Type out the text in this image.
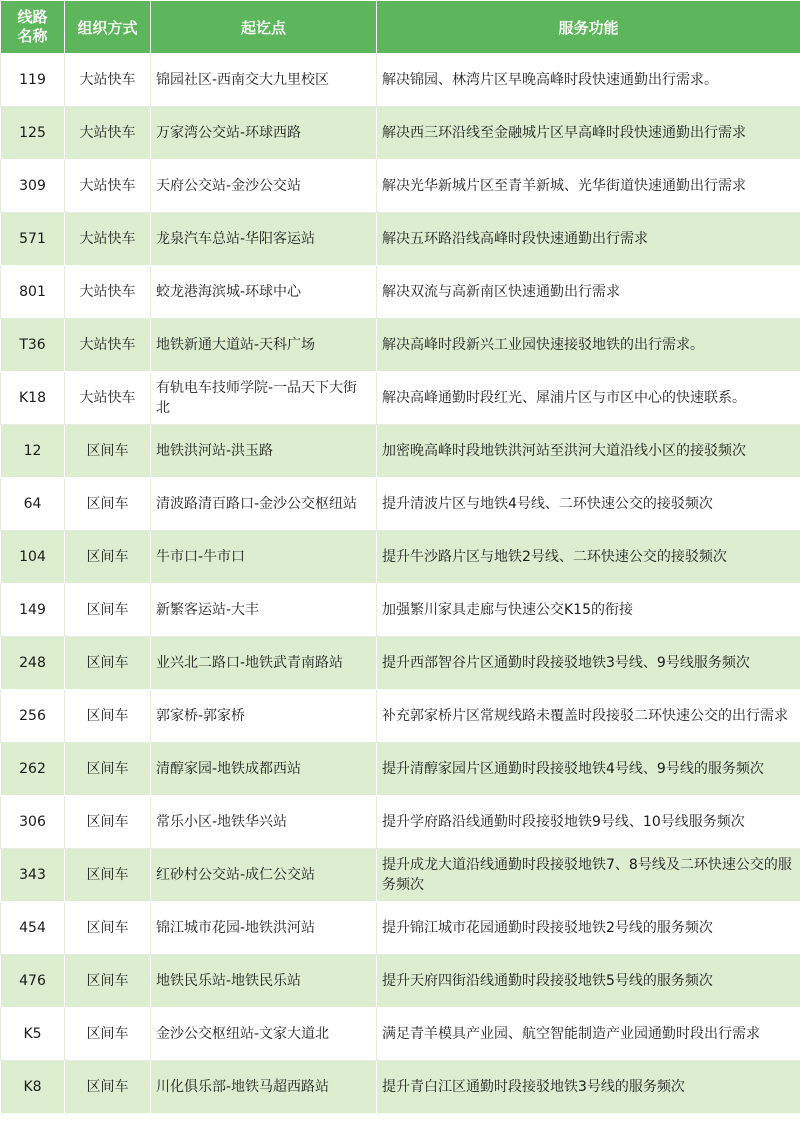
线路
名称	组织方式	起讫点	服务功能
119	大站快车	锦园社区-西南交大九里校区	解决锦园、林湾片区早晚高峰时段快速通勤出行需求。
125	大站快车	万家湾公交站-环球西路	解决西三环沿线至金融城片区早高峰时段快速通勤出行需求
309	大站快车	天府公交站-金沙公交站	解决光华新城片区至青羊新城、光华街道快速通勤出行需求
571	大站快车	龙泉汽车总站-华阳客运站	解决五环路沿线高峰时段快速通勤出行需求
801	大站快车	蛟龙港海滨城-环球中心	解决双流与高新南区快速通勤出行需求
T36	大站快车	地铁新通大道站-天科广场	解决高峰时段新兴工业园快速接驳地铁的出行需求。
K18	大站快车	有轨电车技师学院-一品天下大街北	解决高峰通勤时段红光、犀浦片区与市区中心的快速联系。
12	区间车	地铁洪河站-洪玉路	加密晚高峰时段地铁洪河站至洪河大道沿线小区的接驳频次
64	区间车	清波路清百路口-金沙公交枢纽站	提升清波片区与地铁4号线、二环快速公交的接驳频次
104	区间车	牛市口-牛市口	提升牛沙路片区与地铁2号线、二环快速公交的接驳频次
149	区间车	新繁客运站-大丰	加强繁川家具走廊与快速公交K15的衔接
248	区间车	业兴北二路口-地铁武青南路站	提升西部智谷片区通勤时段接驳地铁3号线、9号线服务频次
256	区间车	郭家桥-郭家桥	补充郭家桥片区常规线路未覆盖时段接驳二环快速公交的出行需求
262	区间车	清醇家园-地铁成都西站	提升清醇家园片区通勤时段接驳地铁4号线、9号线的服务频次
306	区间车	常乐小区-地铁华兴站	提升学府路沿线通勤时段接驳地铁9号线、10号线服务频次
343	区间车	红砂村公交站-成仁公交站	提升成龙大道沿线通勤时段接驳地铁7、8号线及二环快速公交的服务频次
454	区间车	锦江城市花园-地铁洪河站	提升锦江城市花园通勤时段接驳地铁2号线的服务频次
476	区间车	地铁民乐站-地铁民乐站	提升天府四街沿线通勤时段接驳地铁5号线的服务频次
K5	区间车	金沙公交枢纽站-文家大道北	满足青羊模具产业园、航空智能制造产业园通勤时段出行需求
K8	区间车	川化俱乐部-地铁马超西路站	提升青白江区通勤时段接驳地铁3号线的服务频次
